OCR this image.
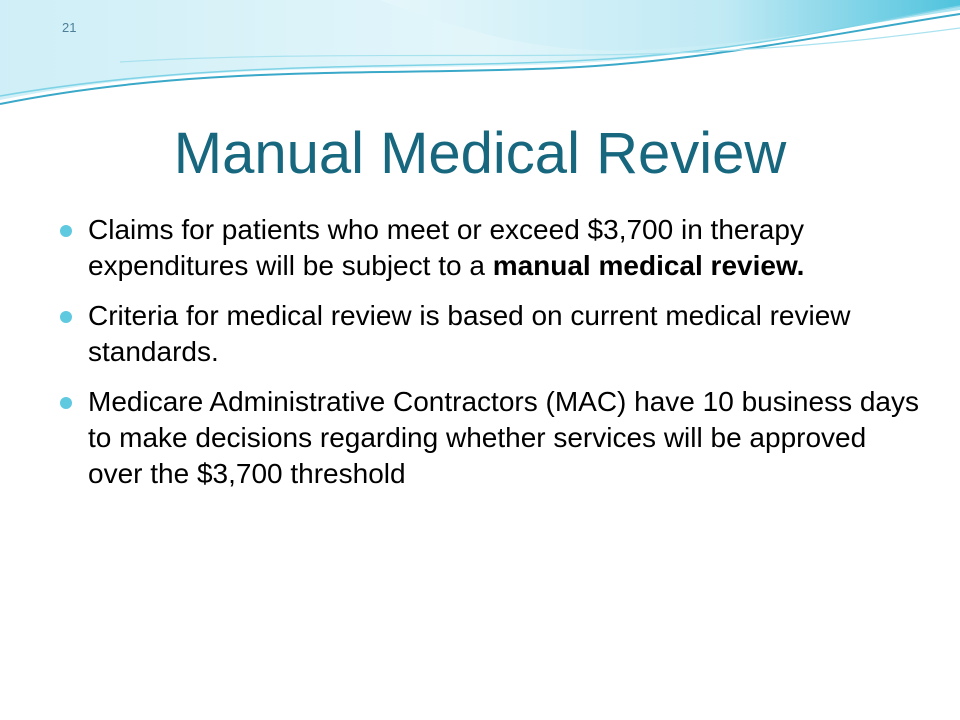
21
Manual Medical Review
Claims for patients who meet or exceed $3,700 in therapy expenditures will be subject to a manual medical review.
Criteria for medical review is based on current medical review standards.
Medicare Administrative Contractors (MAC) have 10 business days to make decisions regarding whether services will be approved over the $3,700 threshold
